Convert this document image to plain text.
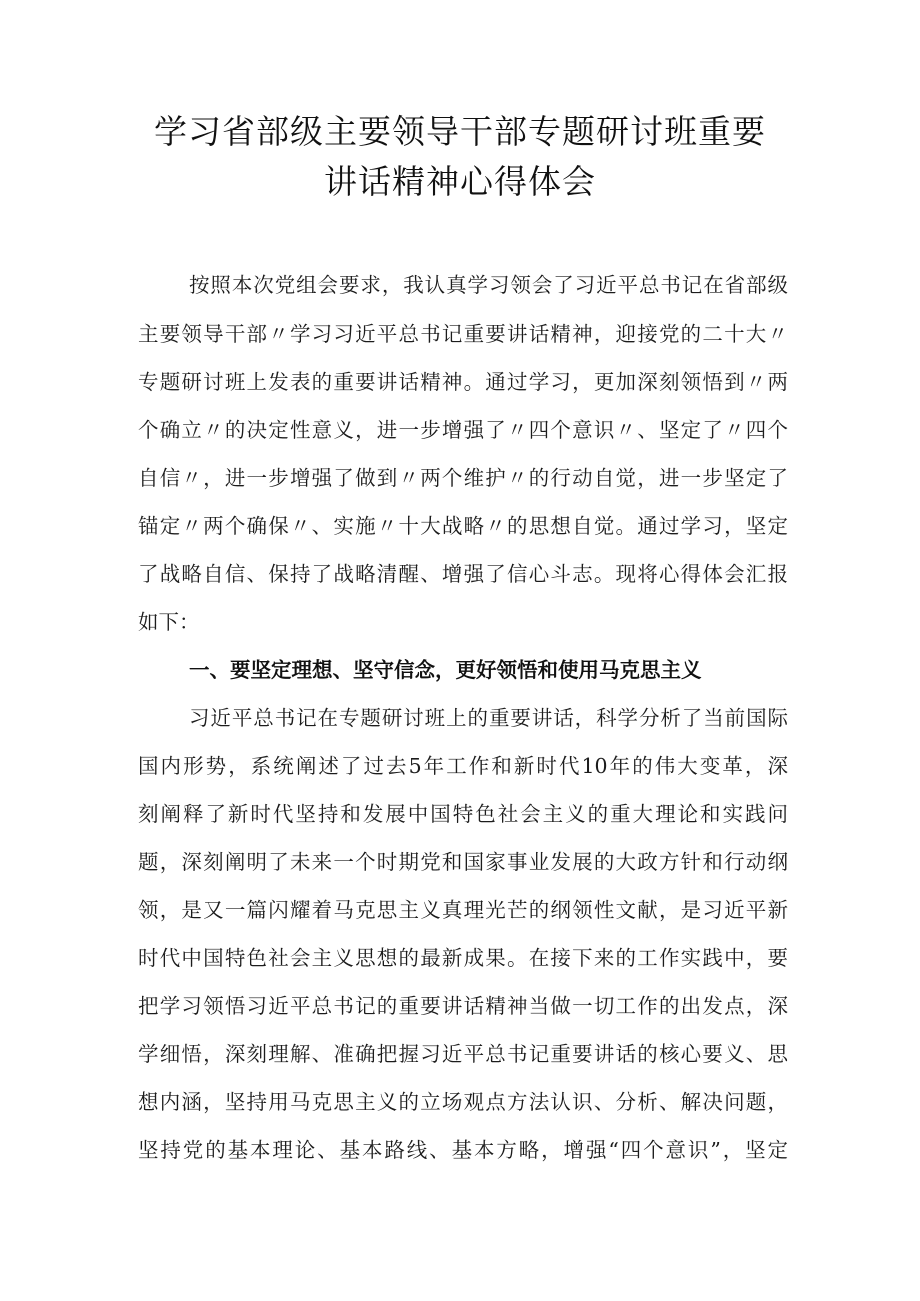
学习省部级主要领导干部专题研讨班重要
讲话精神心得体会

按照本次党组会要求，我认真学习领会了习近平总书记在省部级

主要领导干部〃学习习近平总书记重要讲话精神，迎接党的二十大〃

专题研讨班上发表的重要讲话精神。通过学习，更加深刻领悟到〃两

个确立〃的决定性意义，进一步增强了〃四个意识〃、坚定了〃四个

自信〃，进一步增强了做到〃两个维护〃的行动自觉，进一步坚定了

锚定〃两个确保〃、实施〃十大战略〃的思想自觉。通过学习，坚定

了战略自信、保持了战略清醒、增强了信心斗志。现将心得体会汇报

如下：

一、要坚定理想、坚守信念，更好领悟和使用马克思主义

习近平总书记在专题研讨班上的重要讲话，科学分析了当前国际

国内形势，系统阐述了过去5年工作和新时代10年的伟大变革，深

刻阐释了新时代坚持和发展中国特色社会主义的重大理论和实践问

题，深刻阐明了未来一个时期党和国家事业发展的大政方针和行动纲

领，是又一篇闪耀着马克思主义真理光芒的纲领性文献，是习近平新

时代中国特色社会主义思想的最新成果。在接下来的工作实践中，要

把学习领悟习近平总书记的重要讲话精神当做一切工作的出发点，深

学细悟，深刻理解、准确把握习近平总书记重要讲话的核心要义、思

想内涵，坚持用马克思主义的立场观点方法认识、分析、解决问题，

坚持党的基本理论、基本路线、基本方略，增强“四个意识”，坚定
